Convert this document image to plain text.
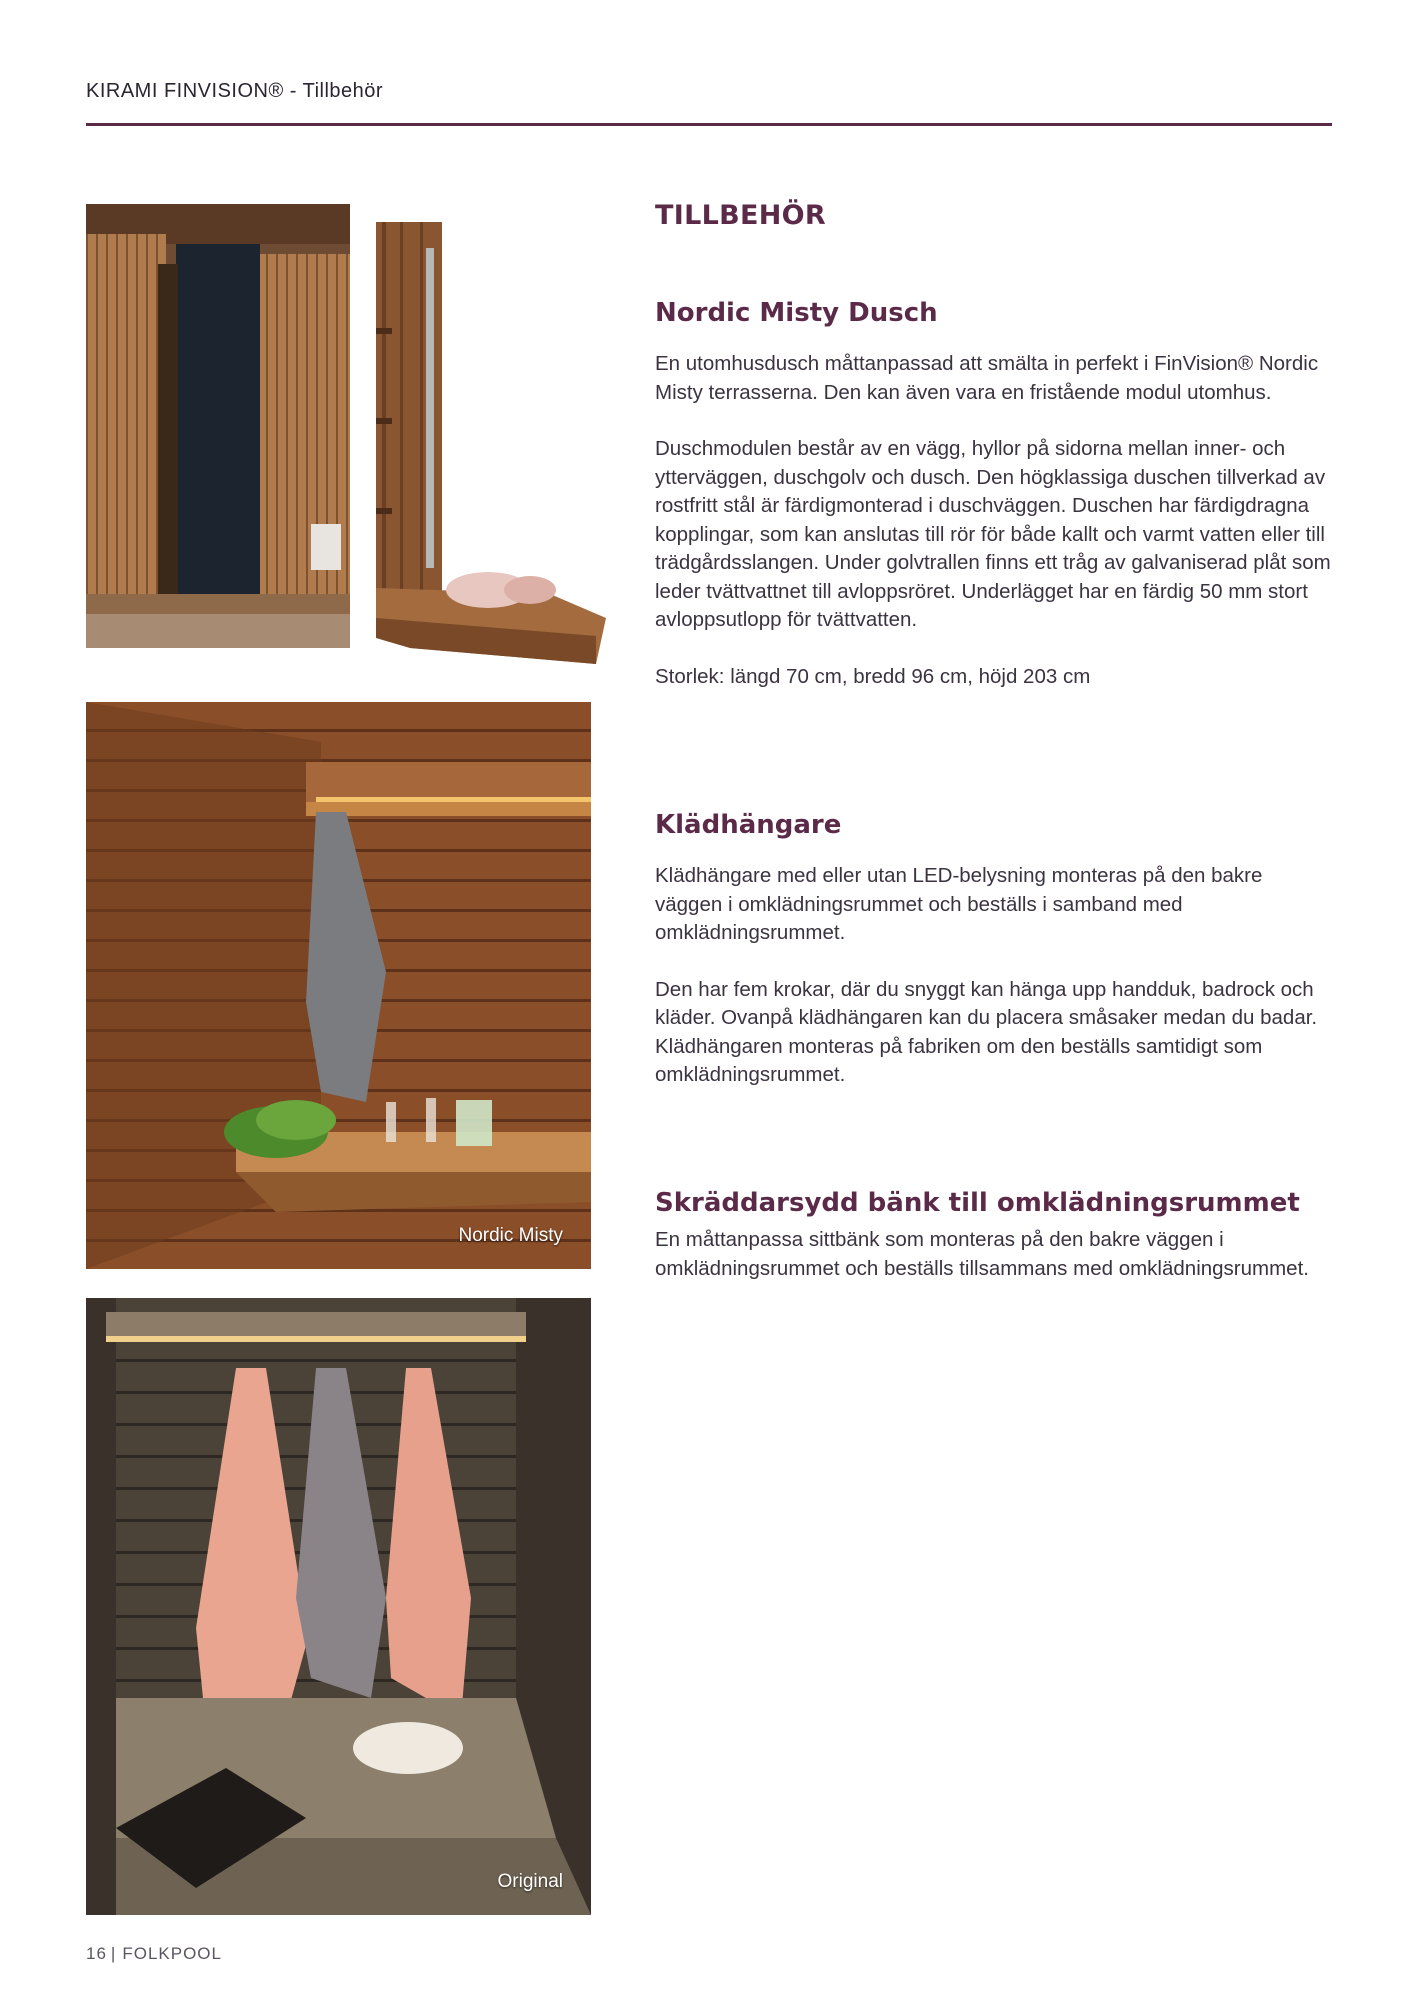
KIRAMI FINVISION® - Tillbehör
Nordic Misty
Original
TILLBEHÖR
Nordic Misty Dusch

En utomhusdusch måttanpassad att smälta in perfekt i FinVision® Nordic Misty terrasserna. Den kan även vara en fristående modul utomhus.

Duschmodulen består av en vägg, hyllor på sidorna mellan inner- och ytterväggen, duschgolv och dusch. Den högklassiga duschen tillverkad av rostfritt stål är färdigmonterad i duschväggen. Duschen har färdigdragna kopplingar, som kan anslutas till rör för både kallt och varmt vatten eller till trädgårdsslangen. Under golvtrallen finns ett tråg av galvaniserad plåt som leder tvättvattnet till avloppsröret. Underlägget har en färdig 50 mm stort avloppsutlopp för tvättvatten.

Storlek: längd 70 cm, bredd 96 cm, höjd 203 cm

Klädhängare

Klädhängare med eller utan LED-belysning monteras på den bakre väggen i omklädningsrummet och beställs i samband med omklädningsrummet.

Den har fem krokar, där du snyggt kan hänga upp handduk, badrock och kläder. Ovanpå klädhängaren kan du placera småsaker medan du badar. Klädhängaren monteras på fabriken om den beställs samtidigt som omklädningsrummet.

Skräddarsydd bänk till omklädningsrummet

En måttanpassa sittbänk som monteras på den bakre väggen i omklädningsrummet och beställs tillsammans med omklädningsrummet.

16 | FOLKPOOL
